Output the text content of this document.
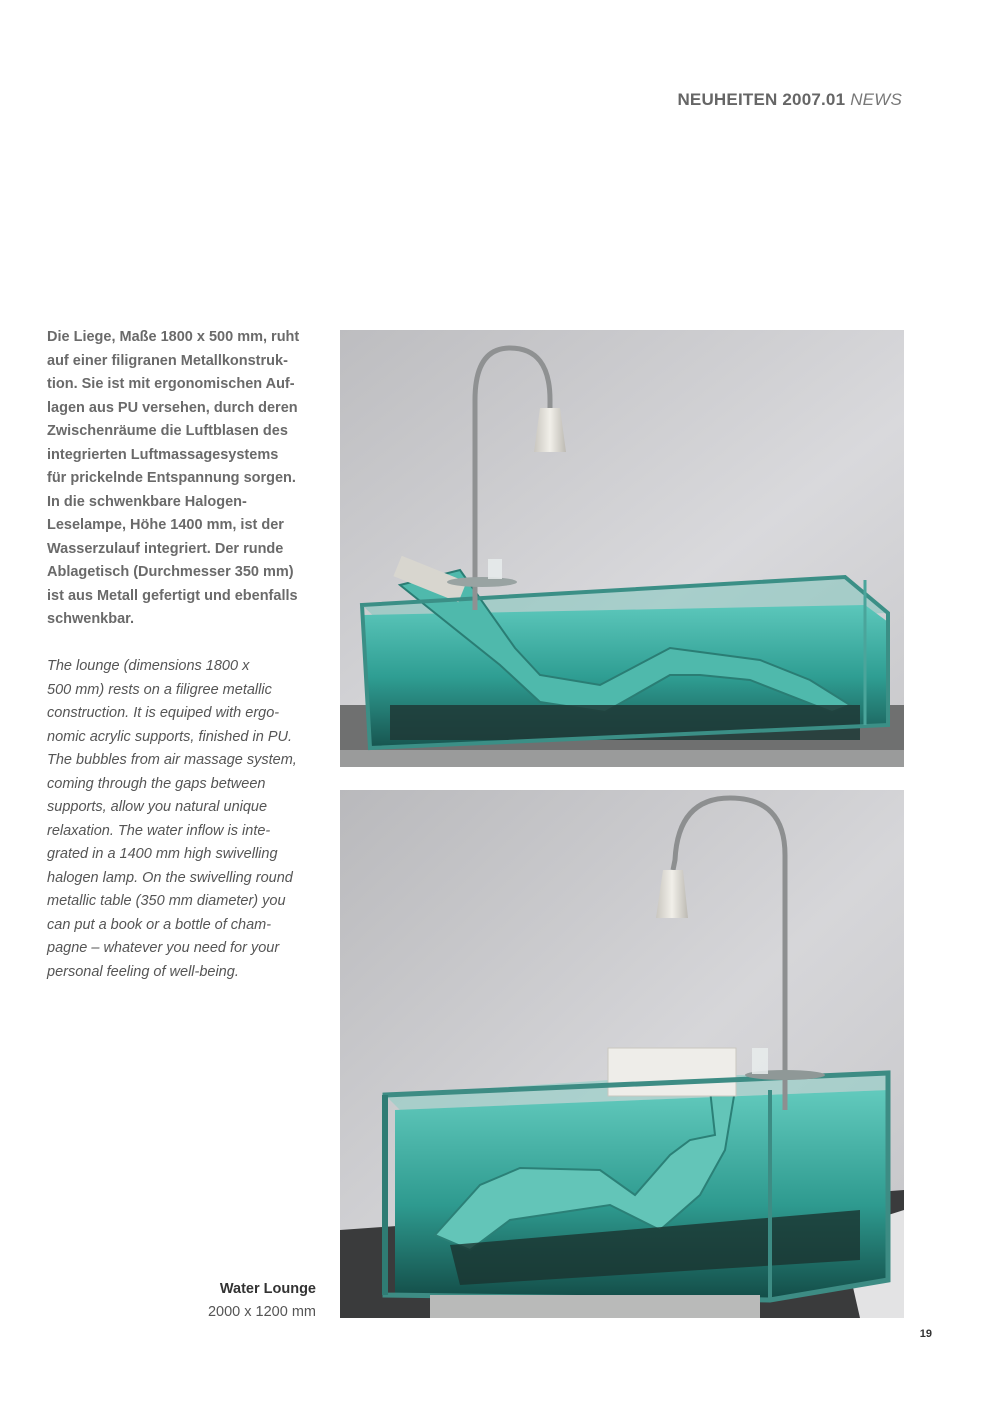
NEUHEITEN 2007.01 NEWS
Die Liege, Maße 1800 x 500 mm, ruht
auf einer filigranen Metallkonstruk-
tion. Sie ist mit ergonomischen Auf-
lagen aus PU versehen, durch deren
Zwischenräume die Luftblasen des
integrierten Luftmassagesystems
für prickelnde Entspannung sorgen.
In die schwenkbare Halogen-
Leselampe, Höhe 1400 mm, ist der
Wasserzulauf integriert. Der runde
Ablagetisch (Durchmesser 350 mm)
ist aus Metall gefertigt und ebenfalls
schwenkbar.
The lounge (dimensions 1800 x
500 mm) rests on a filigree metallic
construction. It is equiped with ergo-
nomic acrylic supports, finished in PU.
The bubbles from air massage system,
coming through the gaps between
supports, allow you natural unique
relaxation. The water inflow is inte-
grated in a 1400 mm high swivelling
halogen lamp. On the swivelling round
metallic table (350 mm diameter) you
can put a book or a bottle of cham-
pagne – whatever you need for your
personal feeling of well-being.
Water Lounge
2000 x 1200 mm
19
